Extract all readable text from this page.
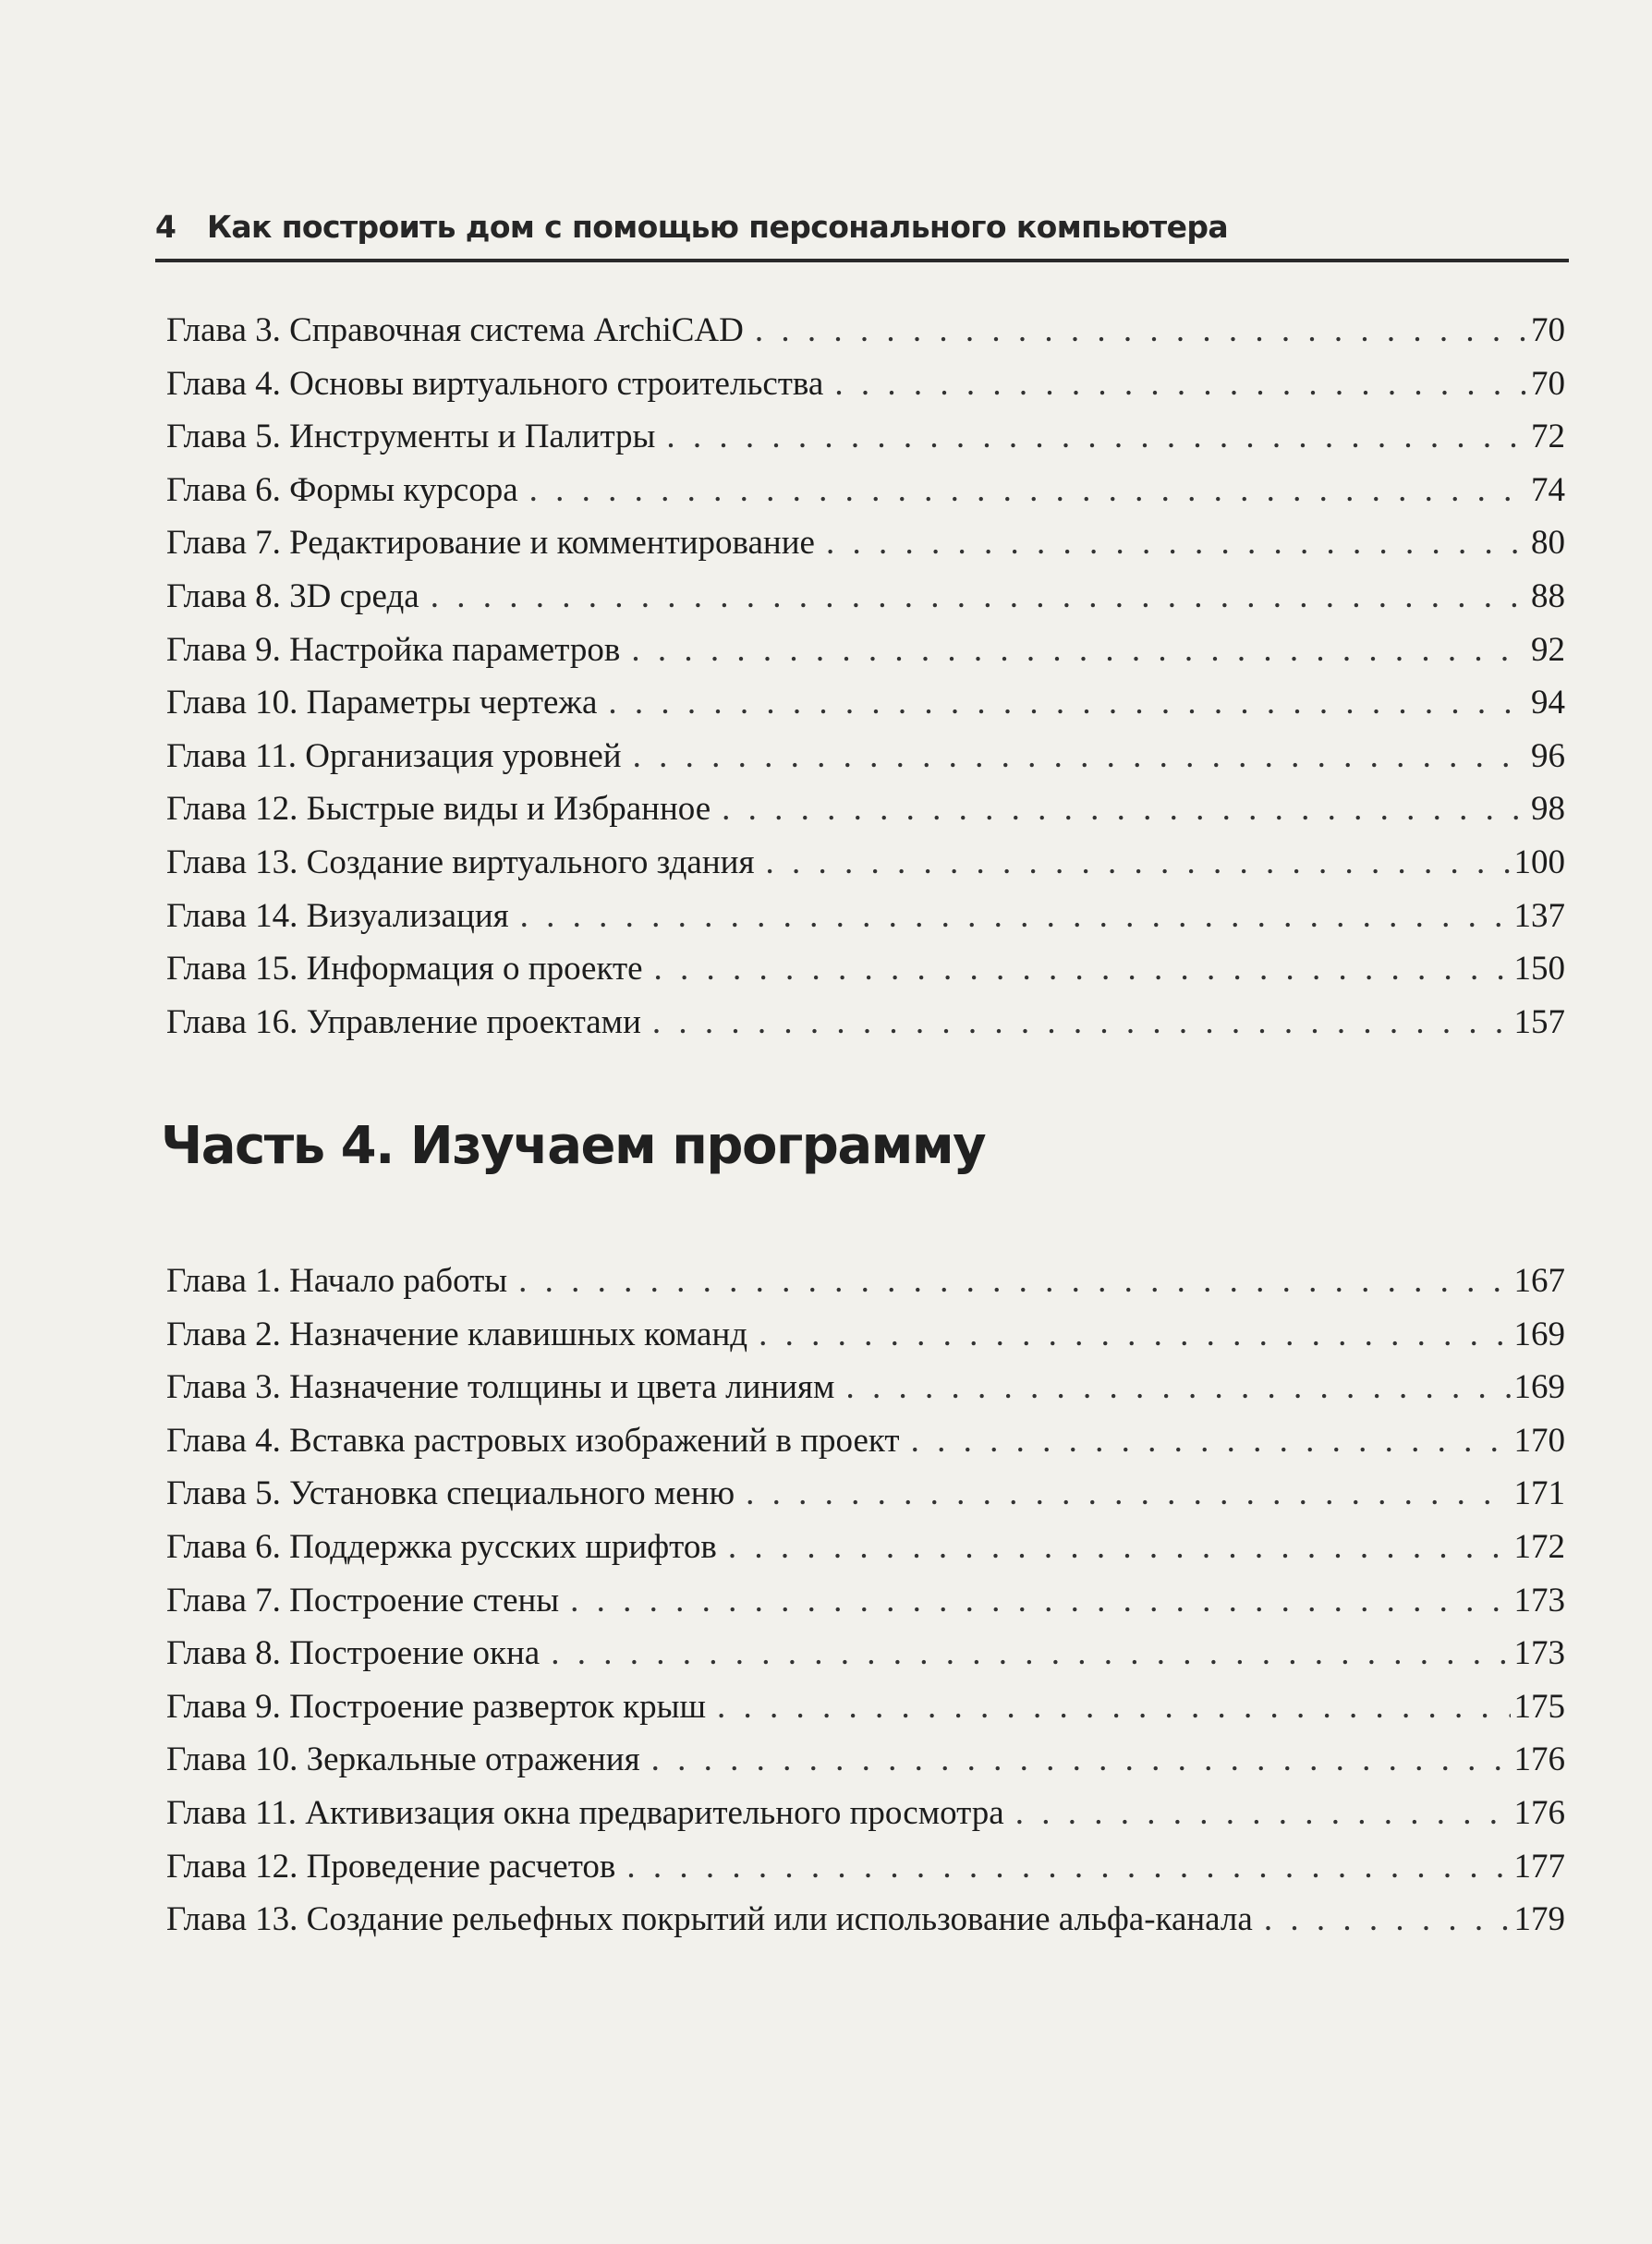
4 Как построить дом с помощью персонального компьютера
Глава 3. Справочная система ArchiCAD . . .	70
Глава 4. Основы виртуального строительства . . .	70
Глава 5. Инструменты и Палитры . . .	72
Глава 6. Формы курсора . . .	74
Глава 7. Редактирование и комментирование . . .	80
Глава 8. 3D среда . . .	88
Глава 9. Настройка параметров . . .	92
Глава 10. Параметры чертежа . . .	94
Глава 11. Организация уровней . . .	96
Глава 12. Быстрые виды и Избранное . . .	98
Глава 13. Создание виртуального здания . . .	100
Глава 14. Визуализация . . .	137
Глава 15. Информация о проекте . . .	150
Глава 16. Управление проектами . . .	157
Часть 4. Изучаем программу
Глава 1. Начало работы . . .	167
Глава 2. Назначение клавишных команд . . .	169
Глава 3. Назначение толщины и цвета линиям . . .	169
Глава 4. Вставка растровых изображений в проект . . .	170
Глава 5. Установка специального меню . . .	171
Глава 6. Поддержка русских шрифтов . . .	172
Глава 7. Построение стены . . .	173
Глава 8. Построение окна . . .	173
Глава 9. Построение разверток крыш . . .	175
Глава 10. Зеркальные отражения . . .	176
Глава 11. Активизация окна предварительного просмотра . . .	176
Глава 12. Проведение расчетов . . .	177
Глава 13. Создание рельефных покрытий или использование альфа-канала . . .	179
